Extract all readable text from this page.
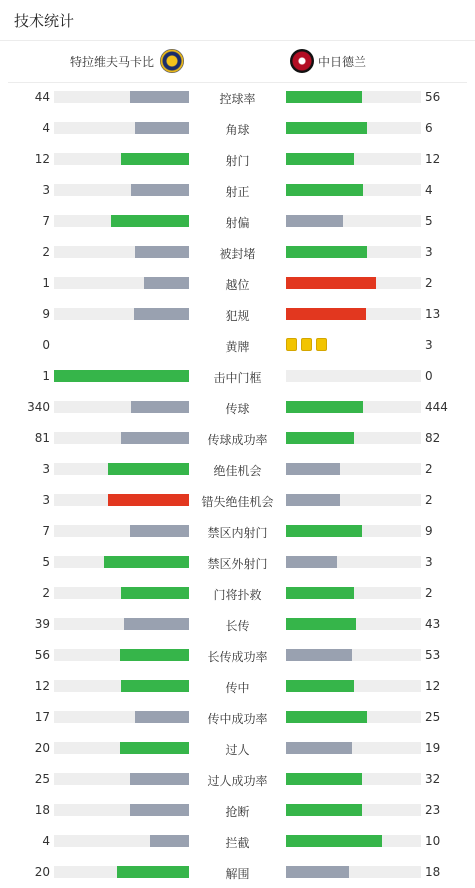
技术统计
特拉维夫马卡比	中日德兰
44	控球率	56
4	角球	6
12	射门	12
3	射正	4
7	射偏	5
2	被封堵	3
1	越位	2
9	犯规	13
0	黄牌	3
1	击中门框	0
340	传球	444
81	传球成功率	82
3	绝佳机会	2
3	错失绝佳机会	2
7	禁区内射门	9
5	禁区外射门	3
2	门将扑救	2
39	长传	43
56	长传成功率	53
12	传中	12
17	传中成功率	25
20	过人	19
25	过人成功率	32
18	抢断	23
4	拦截	10
20	解围	18
